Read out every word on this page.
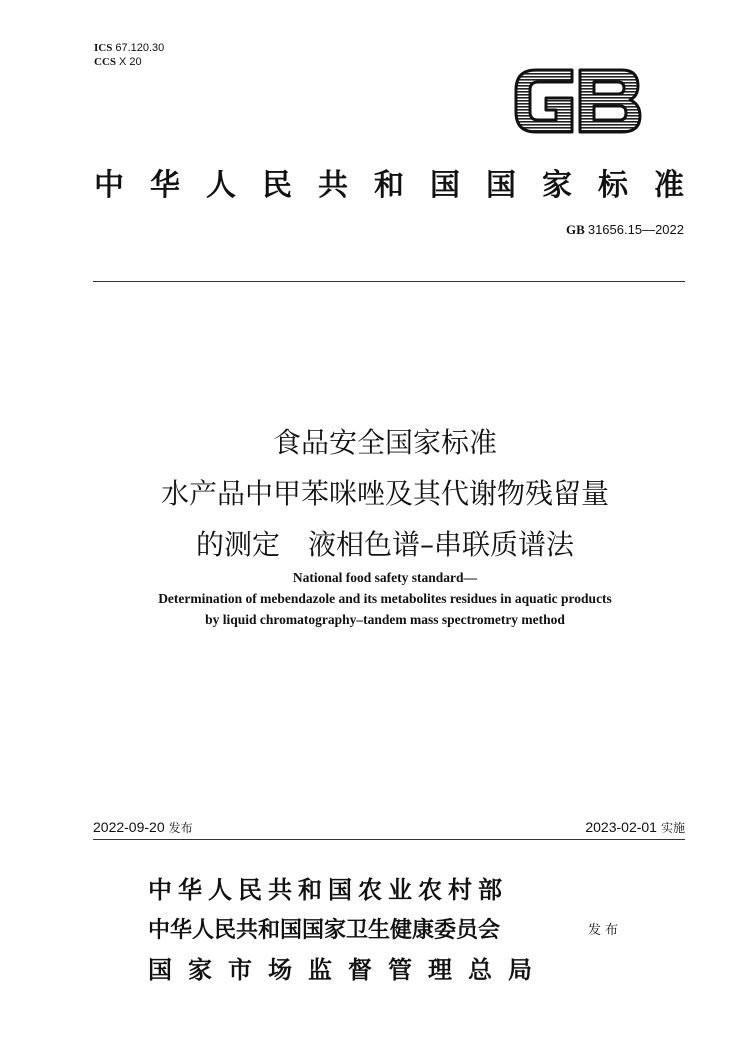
ICS 67.120.30
CCS X 20
中 华 人 民 共 和 国 国 家 标 准
GB 31656.15—2022
食品安全国家标准
水产品中甲苯咪唑及其代谢物残留量
的测定　液相色谱–串联质谱法
National food safety standard—
Determination of mebendazole and its metabolites residues in aquatic products
by liquid chromatography–tandem mass spectrometry method
2022‑09‑20 发布	2023‑02‑01 实施
中华人民共和国农业农村部
中华人民共和国国家卫生健康委员会
国家市场监督管理总局
发布
